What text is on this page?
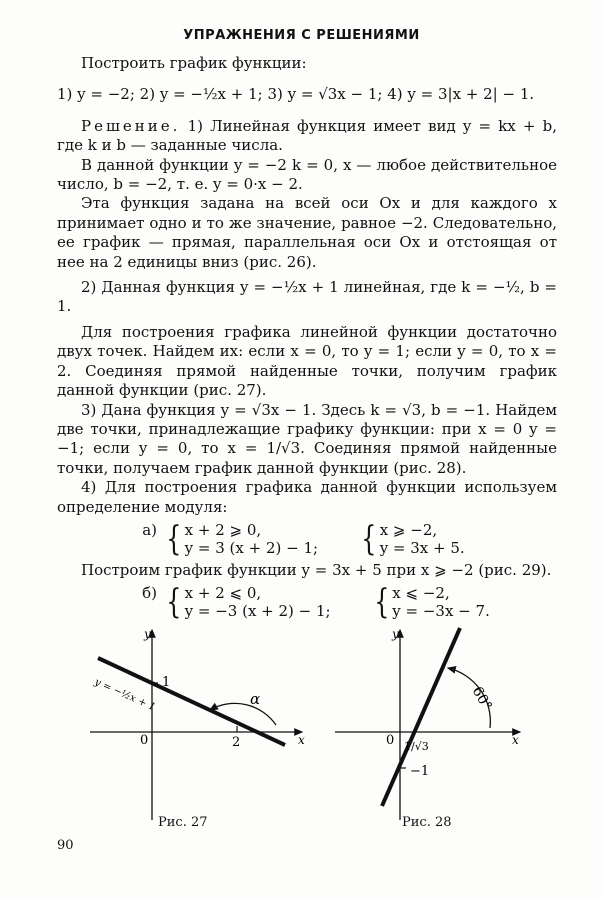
УПРАЖНЕНИЯ С РЕШЕНИЯМИ

Построить график функции:

1) y = −2; 2) y = −½x + 1; 3) y = √3x − 1; 4) y = 3|x + 2| − 1.

Решение. 1) Линейная функция имеет вид y = kx + b, где k и b — заданные числа.

В данной функции y = −2 k = 0, x — любое действительное число, b = −2, т. е. y = 0·x − 2.

Эта функция задана на всей оси Ox и для каждого x принимает одно и то же значение, равное −2. Следовательно, ее график — прямая, параллельная оси Ox и отстоящая от нее на 2 единицы вниз (рис. 26).

2) Данная функция y = −½x + 1 линейная, где k = −½, b = 1.

Для построения графика линейной функции достаточно двух точек. Найдем их: если x = 0, то y = 1; если y = 0, то x = 2. Соединяя прямой найденные точки, получим график данной функции (рис. 27).

3) Дана функция y = √3x − 1. Здесь k = √3, b = −1. Найдем две точки, принадлежащие графику функции: при x = 0 y = −1; если y = 0, то x = 1/√3. Соединяя прямой найденные точки, получаем график данной функции (рис. 28).

4) Для построения графика данной функции используем определение модуля:

а) { x + 2 ⩾ 0,
y = 3 (x + 2) − 1; { x ⩾ −2,
y = 3x + 5.

Построим график функции y = 3x + 5 при x ⩾ −2 (рис. 29).

б) { x + 2 ⩽ 0,
y = −3 (x + 2) − 1; { x ⩽ −2,
y = −3x − 7.
y
x
0
1
2
α
y = −½x + 1
y
x
0 1/√3
−1
60°
Рис. 27	Рис. 28
90
